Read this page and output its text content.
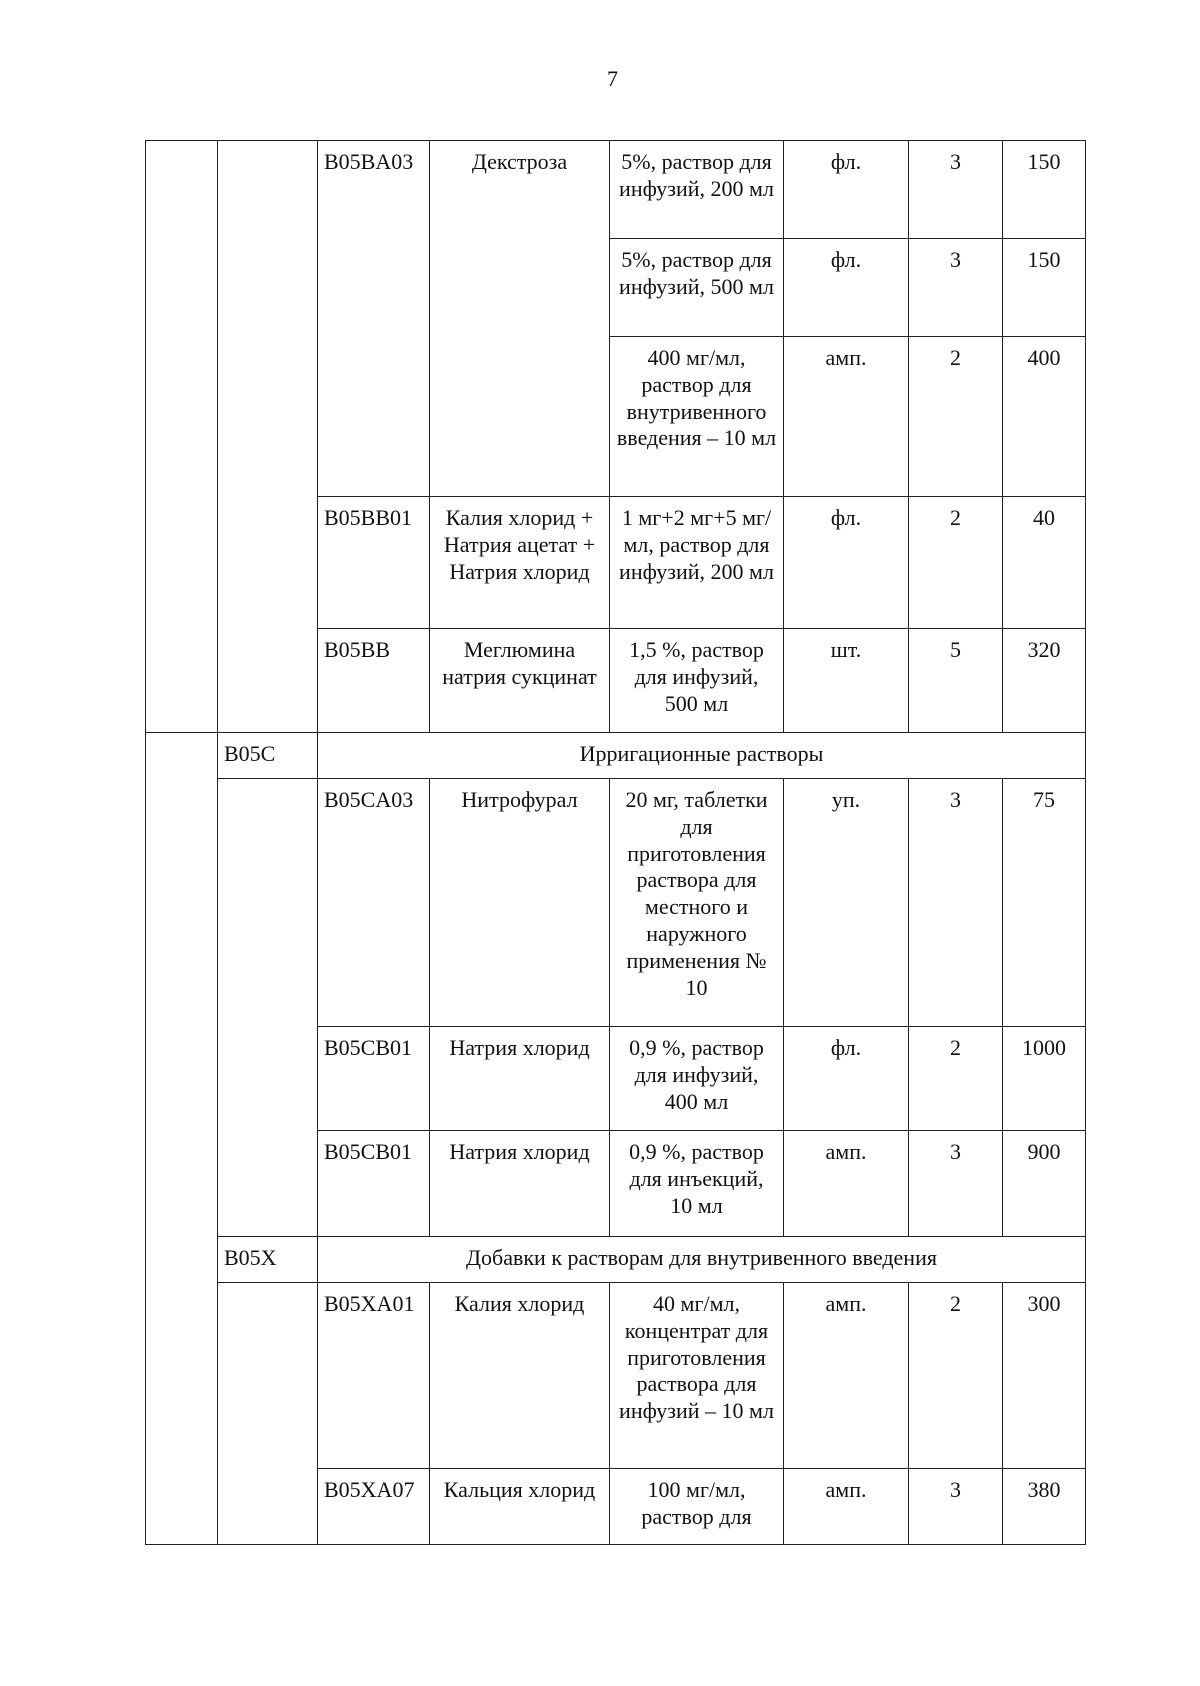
7
		B05BA03	Декстроза	5%, раствор для инфузий, 200 мл	фл.	3	150
				5%, раствор для инфузий, 500 мл	фл.	3	150
				400 мг/мл, раствор для внутривенного введения – 10 мл	амп.	2	400
		B05BB01	Калия хлорид + Натрия ацетат + Натрия хлорид	1 мг+2 мг+5 мг/мл, раствор для инфузий, 200 мл	фл.	2	40
		B05BB	Меглюмина натрия сукцинат	1,5 %, раствор для инфузий, 500 мл	шт.	5	320
	B05C	Ирригационные растворы					
		B05CA03	Нитрофурал	20 мг, таблетки для приготовления раствора для местного и наружного применения № 10	уп.	3	75
		B05CB01	Натрия хлорид	0,9 %, раствор для инфузий, 400 мл	фл.	2	1000
		B05CB01	Натрия хлорид	0,9 %, раствор для инъекций, 10 мл	амп.	3	900
	B05X	Добавки к растворам для внутривенного введения					
		B05XA01	Калия хлорид	40 мг/мл, концентрат для приготовления раствора для инфузий – 10 мл	амп.	2	300
		B05XA07	Кальция хлорид	100 мг/мл, раствор для	амп.	3	380
